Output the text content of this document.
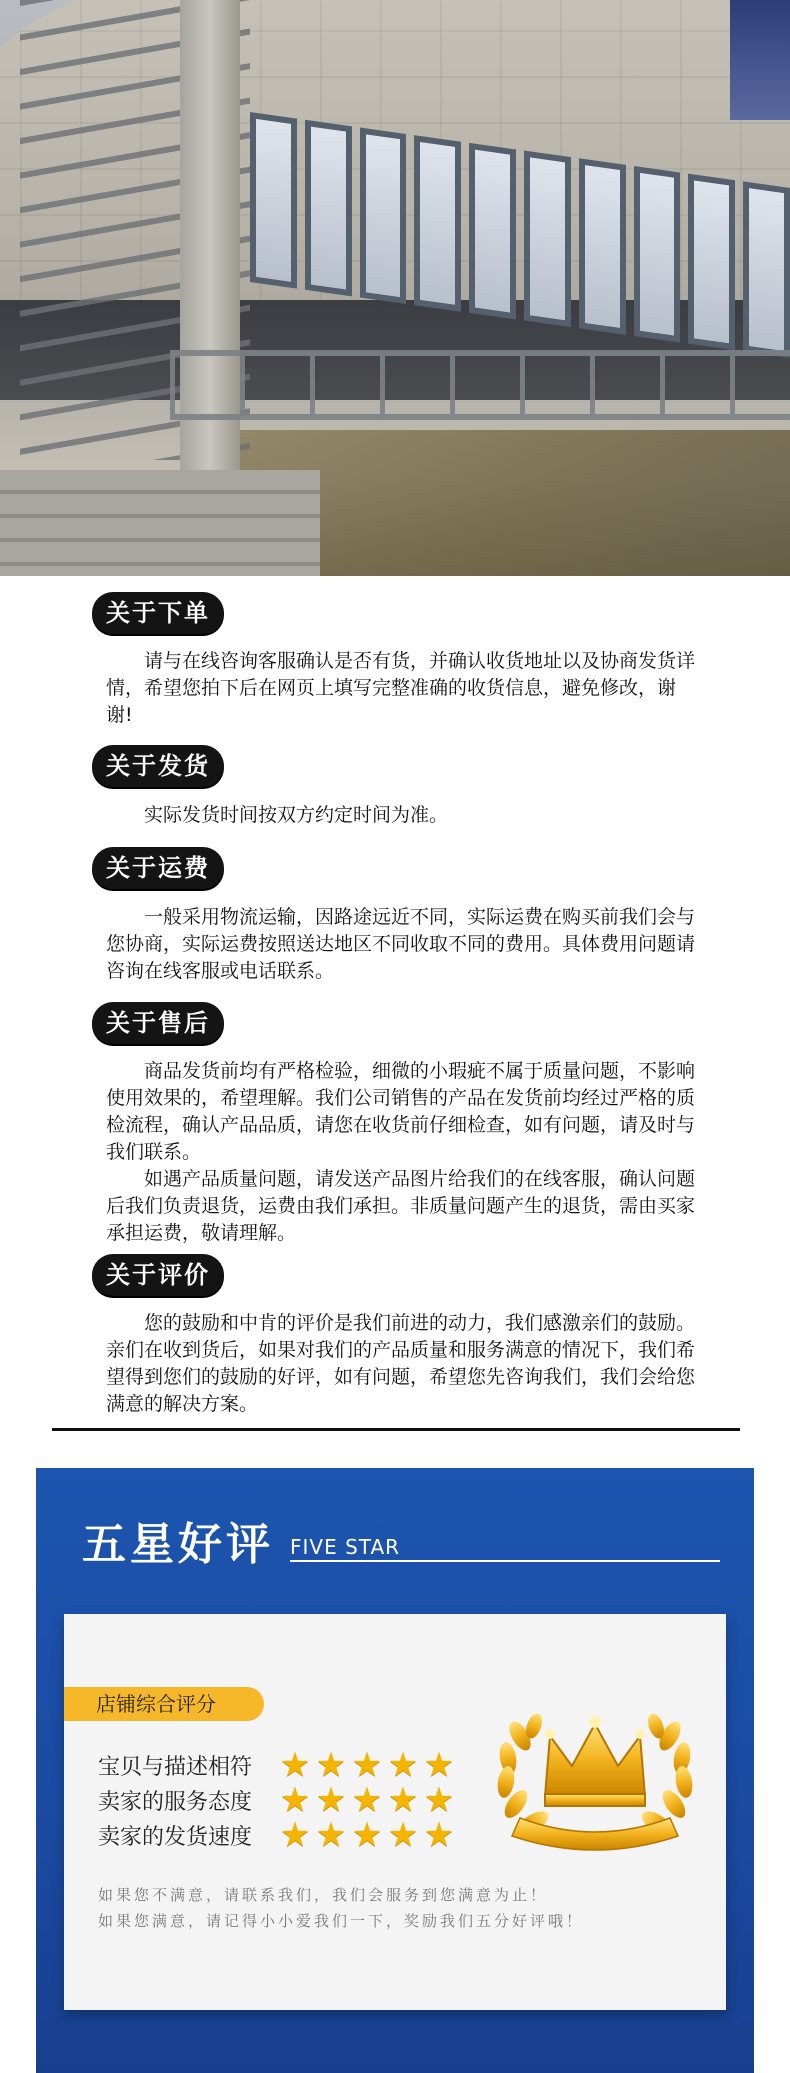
关于下单

请与在线咨询客服确认是否有货，并确认收货地址以及协商发货详情，希望您拍下后在网页上填写完整准确的收货信息，避免修改，谢谢!

关于发货

实际发货时间按双方约定时间为准。

关于运费

一般采用物流运输，因路途远近不同，实际运费在购买前我们会与您协商，实际运费按照送达地区不同收取不同的费用。具体费用问题请咨询在线客服或电话联系。

关于售后

商品发货前均有严格检验，细微的小瑕疵不属于质量问题，不影响使用效果的，希望理解。我们公司销售的产品在发货前均经过严格的质检流程，确认产品品质，请您在收货前仔细检查，如有问题，请及时与我们联系。

如遇产品质量问题，请发送产品图片给我们的在线客服，确认问题后我们负责退货，运费由我们承担。非质量问题产生的退货，需由买家承担运费，敬请理解。

关于评价

您的鼓励和中肯的评价是我们前进的动力，我们感激亲们的鼓励。亲们在收到货后，如果对我们的产品质量和服务满意的情况下，我们希望得到您们的鼓励的好评，如有问题，希望您先咨询我们，我们会给您满意的解决方案。

五星好评 FIVE STAR
店铺综合评分
宝贝与描述相符 ★ ★ ★ ★ ★
卖家的服务态度 ★ ★ ★ ★ ★
卖家的发货速度 ★ ★ ★ ★ ★
如果您不满意，请联系我们，我们会服务到您满意为止！
如果您满意，请记得小小爱我们一下，奖励我们五分好评哦！
